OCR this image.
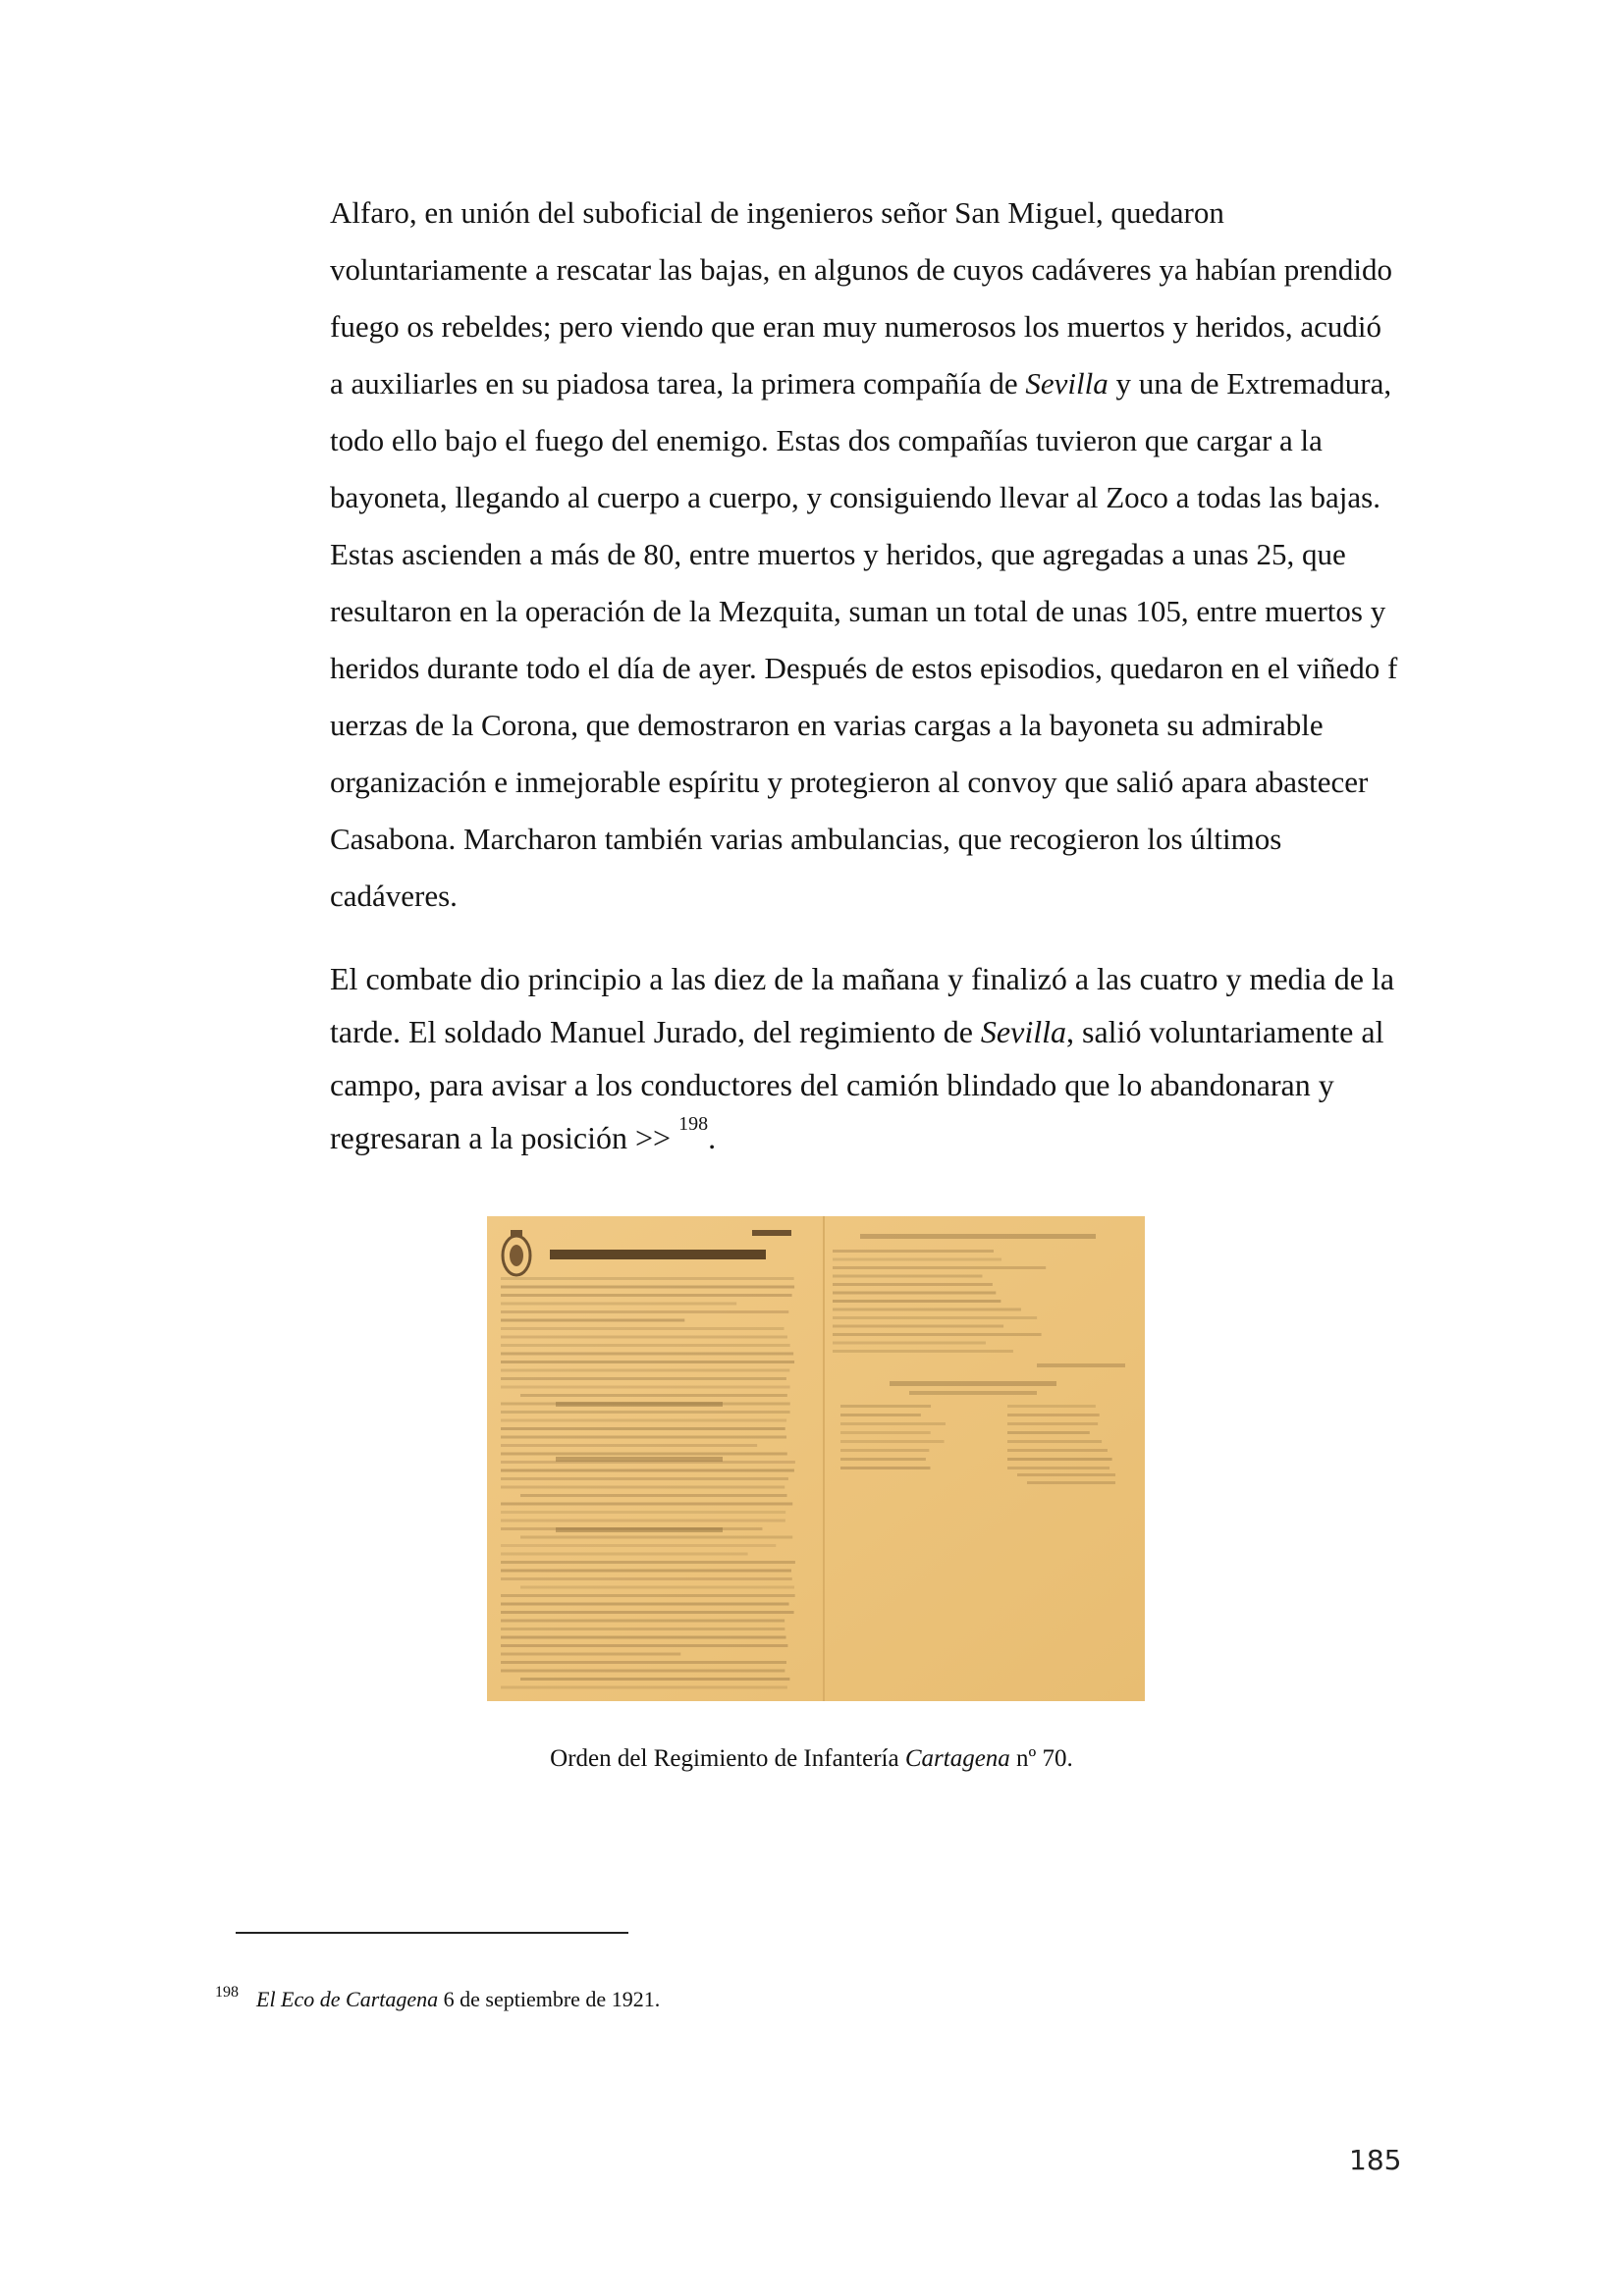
Alfaro, en unión del suboficial de ingenieros señor San Miguel, quedaron voluntariamente a rescatar las bajas, en algunos de cuyos cadáveres ya habían prendido fuego os rebeldes; pero viendo que eran muy numerosos los muertos y heridos, acudió a auxiliarles en su piadosa tarea, la primera compañía de Sevilla y una de Extremadura, todo ello bajo el fuego del enemigo. Estas dos compañías tuvieron que cargar a la bayoneta, llegando al cuerpo a cuerpo, y consiguiendo llevar al Zoco a todas las bajas. Estas ascienden a más de 80, entre muertos y heridos, que agregadas a unas 25, que resultaron en la operación de la Mezquita, suman un total de unas 105, entre muertos y heridos durante todo el día de ayer. Después de estos episodios, quedaron en el viñedo f uerzas de la Corona, que demostraron en varias cargas a la bayoneta su admirable organización e inmejorable espíritu y protegieron al convoy que salió apara abastecer Casabona. Marcharon también varias ambulancias, que recogieron los últimos cadáveres.

El combate dio principio a las diez de la mañana y finalizó a las cuatro y media de la tarde. El soldado Manuel Jurado, del regimiento de Sevilla, salió voluntariamente al campo, para avisar a los conductores del camión blindado que lo abandonaran y regresaran a la posición >> $^{198}$.

Orden del Regimiento de Infantería Cartagena nº 70.
$^{198}$ El Eco de Cartagena 6 de septiembre de 1921.
185
